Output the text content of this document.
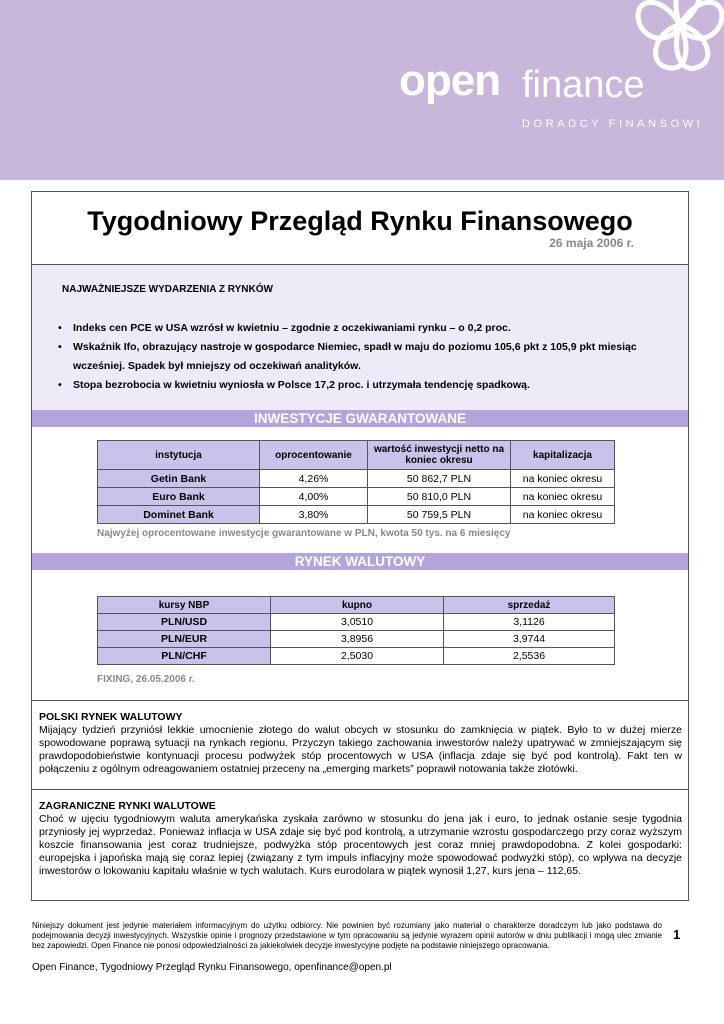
open finance
DORADCY FINANSOWI
Tygodniowy Przegląd Rynku Finansowego
26 maja 2006 r.
NAJWAŻNIEJSZE WYDARZENIA Z RYNKÓW
• Indeks cen PCE w USA wzrósł w kwietniu – zgodnie z oczekiwaniami rynku – o 0,2 proc.
• Wskaźnik Ifo, obrazujący nastroje w gospodarce Niemiec, spadł w maju do poziomu 105,6 pkt z 105,9 pkt miesiąc wcześniej. Spadek był mniejszy od oczekiwań analityków.
• Stopa bezrobocia w kwietniu wyniosła w Polsce 17,2 proc. i utrzymała tendencję spadkową.
INWESTYCJE GWARANTOWANE
instytucja	oprocentowanie	wartość inwestycji netto na koniec okresu	kapitalizacja
Getin Bank	4,26%	50 862,7 PLN	na koniec okresu
Euro Bank	4,00%	50 810,0 PLN	na koniec okresu
Dominet Bank	3,80%	50 759,5 PLN	na koniec okresu
Najwyżej oprocentowane inwestycje gwarantowane w PLN, kwota 50 tys. na 6 miesięcy
RYNEK WALUTOWY
kursy NBP	kupno	sprzedaż
PLN/USD	3,0510	3,1126
PLN/EUR	3,8956	3,9744
PLN/CHF	2,5030	2,5536
FIXING, 26.05.2006 r.
POLSKI RYNEK WALUTOWY
Mijający tydzień przyniósł lekkie umocnienie złotego do walut obcych w stosunku do zamknięcia w piątek. Było to w dużej mierze spowodowane poprawą sytuacji na rynkach regionu. Przyczyn takiego zachowania inwestorów należy upatrywać w zmniejszającym się prawdopodobieństwie kontynuacji procesu podwyżek stóp procentowych w USA (inflacja zdaje się być pod kontrolą). Fakt ten w połączeniu z ogólnym odreagowaniem ostatniej przeceny na „emerging markets” poprawił notowania także złotówki.
ZAGRANICZNE RYNKI WALUTOWE
Choć w ujęciu tygodniowym waluta amerykańska zyskała zarówno w stosunku do jena jak i euro, to jednak ostanie sesje tygodnia przyniosły jej wyprzedaż. Ponieważ inflacja w USA zdaje się być pod kontrolą, a utrzymanie wzrostu gospodarczego przy coraz wyższym koszcie finansowania jest coraz trudniejsze, podwyżka stóp procentowych jest coraz mniej prawdopodobna. Z kolei gospodarki: europejska i japońska mają się coraz lepiej (związany z tym impuls inflacyjny może spowodować podwyżki stóp), co wpływa na decyzje inwestorów o lokowaniu kapitału właśnie w tych walutach. Kurs eurodolara w piątek wynosił 1,27, kurs jena – 112,65.
Niniejszy dokument jest jedynie materiałem informacyjnym do użytku odbiorcy. Nie powinien być rozumiany jako materiał o charakterze doradczym lub jako podstawa do podejmowania decyzji inwestycyjnych. Wszystkie opinie i prognozy przedstawione w tym opracowaniu są jedynie wyrazem opinii autorów w dniu publikacji i mogą ulec zmianie bez zapowiedzi. Open Finance nie ponosi odpowiedzialności za jakiekolwiek decyzje inwestycyjne podjęte na podstawie niniejszego opracowania.
1
Open Finance, Tygodniowy Przegląd Rynku Finansowego, openfinance@open.pl
